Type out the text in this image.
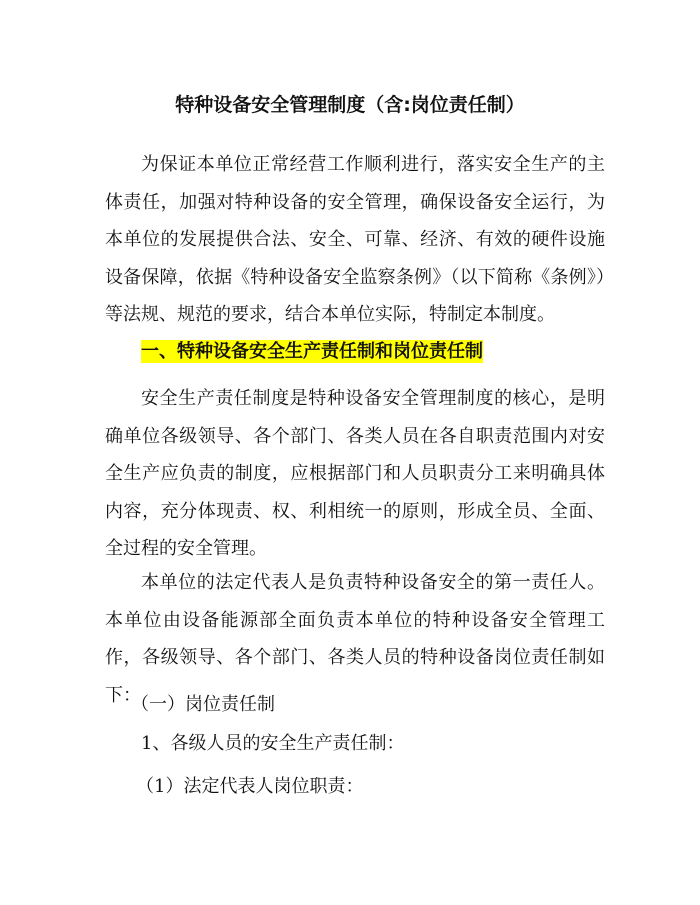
特种设备安全管理制度（含:岗位责任制）

为保证本单位正常经营工作顺利进行，落实安全生产的主体责任，加强对特种设备的安全管理，确保设备安全运行，为本单位的发展提供合法、安全、可靠、经济、有效的硬件设施设备保障，依据《特种设备安全监察条例》（以下简称《条例》）等法规、规范的要求，结合本单位实际，特制定本制度。

一、特种设备安全生产责任制和岗位责任制

安全生产责任制度是特种设备安全管理制度的核心，是明确单位各级领导、各个部门、各类人员在各自职责范围内对安全生产应负责的制度，应根据部门和人员职责分工来明确具体内容，充分体现责、权、利相统一的原则，形成全员、全面、全过程的安全管理。

本单位的法定代表人是负责特种设备安全的第一责任人。本单位由设备能源部全面负责本单位的特种设备安全管理工作，各级领导、各个部门、各类人员的特种设备岗位责任制如下：

（一）岗位责任制
1、各级人员的安全生产责任制：
（1）法定代表人岗位职责：
